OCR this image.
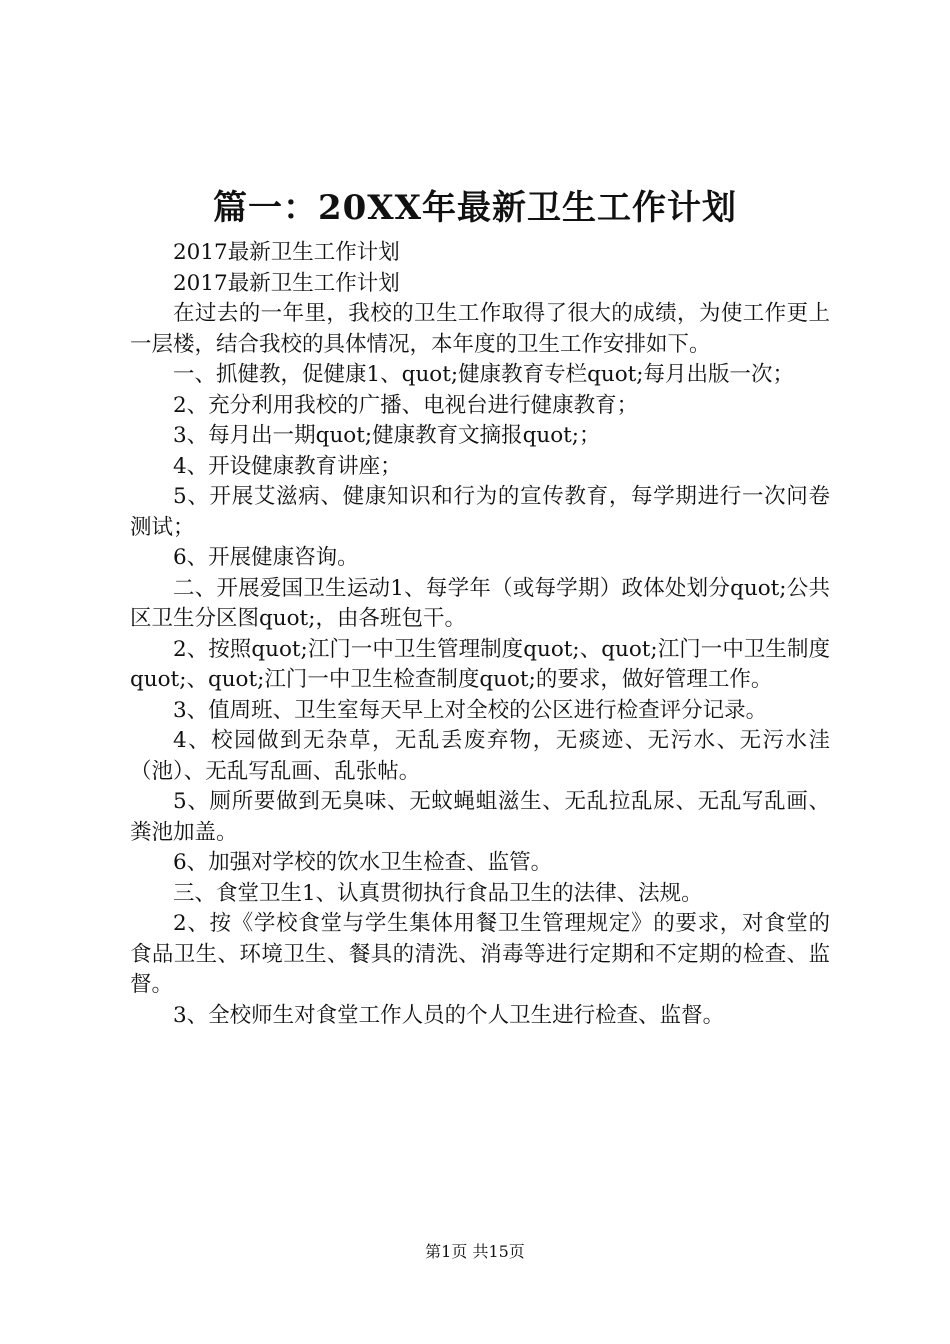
篇一：20XX年最新卫生工作计划

2017最新卫生工作计划

2017最新卫生工作计划

在过去的一年里，我校的卫生工作取得了很大的成绩，为使工作更上一层楼，结合我校的具体情况，本年度的卫生工作安排如下。

一、抓健教，促健康1、quot;健康教育专栏quot;每月出版一次；

2、充分利用我校的广播、电视台进行健康教育；

3、每月出一期quot;健康教育文摘报quot;；

4、开设健康教育讲座；

5、开展艾滋病、健康知识和行为的宣传教育，每学期进行一次问卷测试；

6、开展健康咨询。

二、开展爱国卫生运动1、每学年（或每学期）政体处划分quot;公共区卫生分区图quot;，由各班包干。

2、按照quot;江门一中卫生管理制度quot;、quot;江门一中卫生制度quot;、quot;江门一中卫生检查制度quot;的要求，做好管理工作。

3、值周班、卫生室每天早上对全校的公区进行检查评分记录。

4、校园做到无杂草，无乱丢废弃物，无痰迹、无污水、无污水洼（池）、无乱写乱画、乱张帖。

5、厕所要做到无臭味、无蚊蝇蛆滋生、无乱拉乱尿、无乱写乱画、粪池加盖。

6、加强对学校的饮水卫生检查、监管。

三、食堂卫生1、认真贯彻执行食品卫生的法律、法规。

2、按《学校食堂与学生集体用餐卫生管理规定》的要求，对食堂的食品卫生、环境卫生、餐具的清洗、消毒等进行定期和不定期的检查、监督。

3、全校师生对食堂工作人员的个人卫生进行检查、监督。

第1页 共15页
